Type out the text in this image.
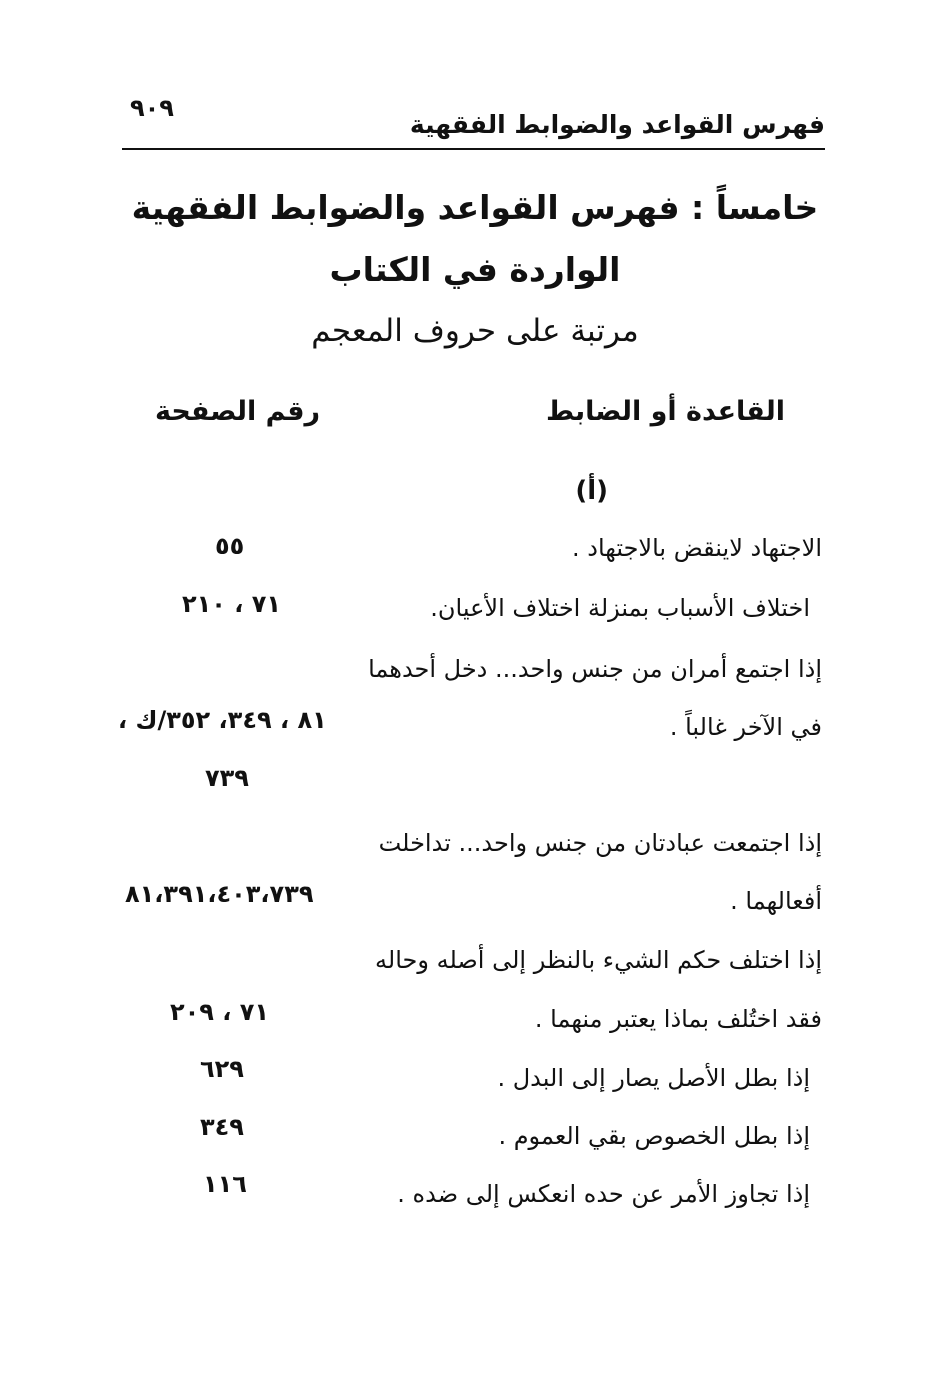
فهرس القواعد والضوابط الفقهية
٩٠٩
خامساً : فهرس القواعد والضوابط الفقهية
الواردة في الكتاب
مرتبة على حروف المعجم
القاعدة أو الضابط
رقم الصفحة
(أ)
الاجتهاد لاينقض بالاجتهاد .
٥٥
اختلاف الأسباب بمنزلة اختلاف الأعيان.
٧١ ، ٢١٠
إذا اجتمع أمران من جنس واحد... دخل أحدهما
في الآخر غالباً .
٨١ ، ٣٤٩، ٣٥٢/ك ،
٧٣٩
إذا اجتمعت عبادتان من جنس واحد... تداخلت
أفعالهما .
٨١،٣٩١،٤٠٣،٧٣٩
إذا اختلف حكم الشيء بالنظر إلى أصله وحاله
فقد اختُلف بماذا يعتبر منهما .
٧١ ، ٢٠٩
إذا بطل الأصل يصار إلى البدل .
٦٢٩
إذا بطل الخصوص بقي العموم .
٣٤٩
إذا تجاوز الأمر عن حده انعكس إلى ضده .
١١٦
